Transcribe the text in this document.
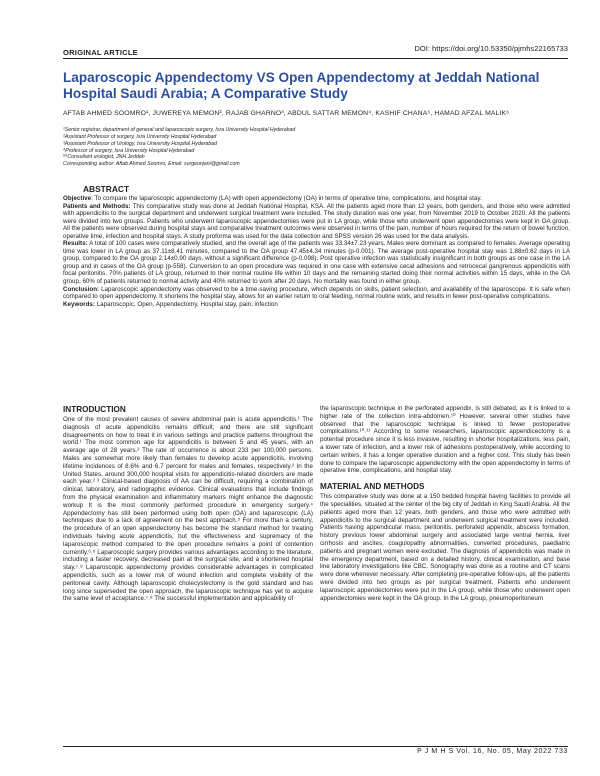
DOI: https://doi.org/10.53350/pjmhs2216573​3
ORIGINAL ARTICLE
Laparoscopic Appendectomy VS Open Appendectomy at Jeddah National Hospital Saudi Arabia; A Comparative Study

AFTAB AHMED SOOMRO¹, JUWEREYA MEMON², RAJAB GHARNO³, ABDUL SATTAR MEMON⁴, KASHIF CHANA⁵, HAMAD AFZAL MALIK⁶

¹Senior registrar, department of general and laparoscopic surgery, Isra University Hospital Hyderabad
²Assistant Professor of surgery, Isra University Hospital Hyderabad
³Assistant Professor of Urology, Isra University Hospital Hyderabad
⁴Professor of surgery, Isra University Hospital Hyderabad
⁵⁶Consultant urologist, JNH Jeddah
Corresponding author: Aftab Ahmed Soomro, Email: surgeonjani@gmail.com
ABSTRACT

Objective: To compare the laparoscopic appendectomy (LA) with open appendectomy (OA) in terms of operative time, complications, and hospital stay.

Patients and Methods: This comparative study was done at Jeddah National Hospital, KSA. All the patients aged more than 12 years, both genders, and those who were admitted with appendicitis to the surgical department and underwent surgical treatment were included. The study duration was one year, from November 2019 to October 2020. All the patients were divided into two groups. Patients who underwent laparoscopic appendectomies were put in LA group, while those who underwent open appendectomies were kept in OA group. All the patients were observed during hospital stays and comparative treatment outcomes were observed in terms of the pain, number of hours required for the return of bowel function, operative time, infection and hospital stays. A study proforma was used for the data collection and SPSS version 26 was used for the data analysis.

Results: A total of 100 cases were comparatively studied, and the overall age of the patients was 33.34±7.23 years. Males were dominant as compared to females. Average operating time was lower in LA group as 37.11±8.41 minutes, compared to the OA group 47.45±4.34 minutes (p-0.001). The average post-operative hospital stay was 1.88±0.62 days in LA group, compared to the OA group 2.14±0.90 days, without a significant difference (p-0.098). Post operative infection was statistically insignificant in both groups as one case in the LA group and in cases of the OA group (p-558). Conversion to an open procedure was required in one case with extensive cecal adhesions and retrocecal gangrenous appendicitis with focal peritonitis. 70% patients of LA group, returned to their normal routine life within 10 days and the remaining started doing their normal activities within 15 days, while in the OA group, 60% of patients returned to normal activity and 40% returned to work after 20 days. No mortality was found in either group.

Conclusion: Laparoscopic appendectomy was observed to be a time-saving procedure, which depends on skills, patient selection, and availability of the laparoscope. It is safe when compared to open appendectomy. It shortens the hospital stay, allows for an earlier return to oral feeding, normal routine work, and results in fewer post-operative complications.

Keywords: Laparoscopic, Open, Appendectomy, Hospital stay, pain, infection

INTRODUCTION

One of the most prevalent causes of severe abdominal pain is acute appendicitis.¹ The diagnosis of acute appendicitis remains difficult; and there are still significant disagreements on how to treat it in various settings and practice patterns throughout the world.¹ The most common age for appendicitis is between 5 and 45 years, with an average age of 28 years.² The rate of occurrence is about 233 per 100,000 persons. Males are somewhat more likely than females to develop acute appendicitis, involving lifetime incidences of 8.6% and 6.7 percent for males and females, respectively.² In the United States, around 300,000 hospital visits for appendicitis-related disorders are made each year.²˒³ Clinical-based diagnosis of AA can be difficult, requiring a combination of clinical, laboratory, and radiographic evidence. Clinical evaluations that include findings from the physical examination and inflammatory markers might enhance the diagnostic workup It is the most commonly performed procedure in emergency surgery.⁴ Appendectomy has still been performed using both open (OA) and laparoscopic (LA) techniques due to a lack of agreement on the best approach.⁵ For more than a century, the procedure of an open appendectomy has become the standard method for treating individuals having acute appendicitis, but the effectiveness and supremacy of the laparoscopic method compared to the open procedure remains a point of contention currently.⁶˒⁶ Laparoscopic surgery provides various advantages according to the literature, including a faster recovery, decreased pain at the surgical site, and a shortened hospital stay.⁷˒⁸ Laparoscopic appendectomy provides considerable advantages in complicated appendicitis, such as a lower risk of wound infection and complete visibility of the peritoneal cavity. Although laparoscopic cholecystectomy is the gold standard and has long since superseded the open approach, the laparoscopic technique has yet to acquire the same level of acceptance.⁷˒⁸ The successful implementation and applicability of

the laparoscopic technique in the perforated appendix, is still debated, as it is linked to a higher rate of the collection intra-abdomen.¹⁰ However, several other studies have observed that the laparoscopic technique is linked to fewer postoperative complications.¹⁰˒¹¹ According to some researchers, laparoscopic appendicectomy is a potential procedure since it is less invasive, resulting in shorter hospitalizations, less pain, a lower rate of infection, and a lower risk of adhesions postoperatively, while according to certain writers, it has a longer operative duration and a higher cost. This study has been done to compare the laparoscopic appendectomy with the open appendectomy in terms of operative time, complications, and hospital stay.

MATERIAL AND METHODS

This comparative study was done at a 150 bedded hospital having facilities to provide all the specialities, situated at the center of the big city of Jeddah in King Saudi Arabia. All the patients aged more than 12 years, both genders, and those who were admitted with appendicitis to the surgical department and underwent surgical treatment were included. Patients having appendicular mass, peritonitis, perforated appendix, abscess formation, history previous lower abdominal surgery and associated large ventral hernia, liver cirrhosis and ascites, coagulopathy abnormalities, converted procedures, paediatric patients and pregnant women were excluded. The diagnosis of appendicitis was made in the emergency department, based on a detailed history, clinical examination, and base line laboratory investigations like CBC. Sonography was done as a routine and CT scans were done whenever necessary. After completing pre-operative follow-ups, all the patients were divided into two groups as per surgical treatment. Patients who underwent laparoscopic appendectomies were put in the LA group, while those who underwent open appendectomies were kept in the OA group. In the LA group, pneumoperitoneum

P J M H S Vol. 16, No. 05, May 2022 733
